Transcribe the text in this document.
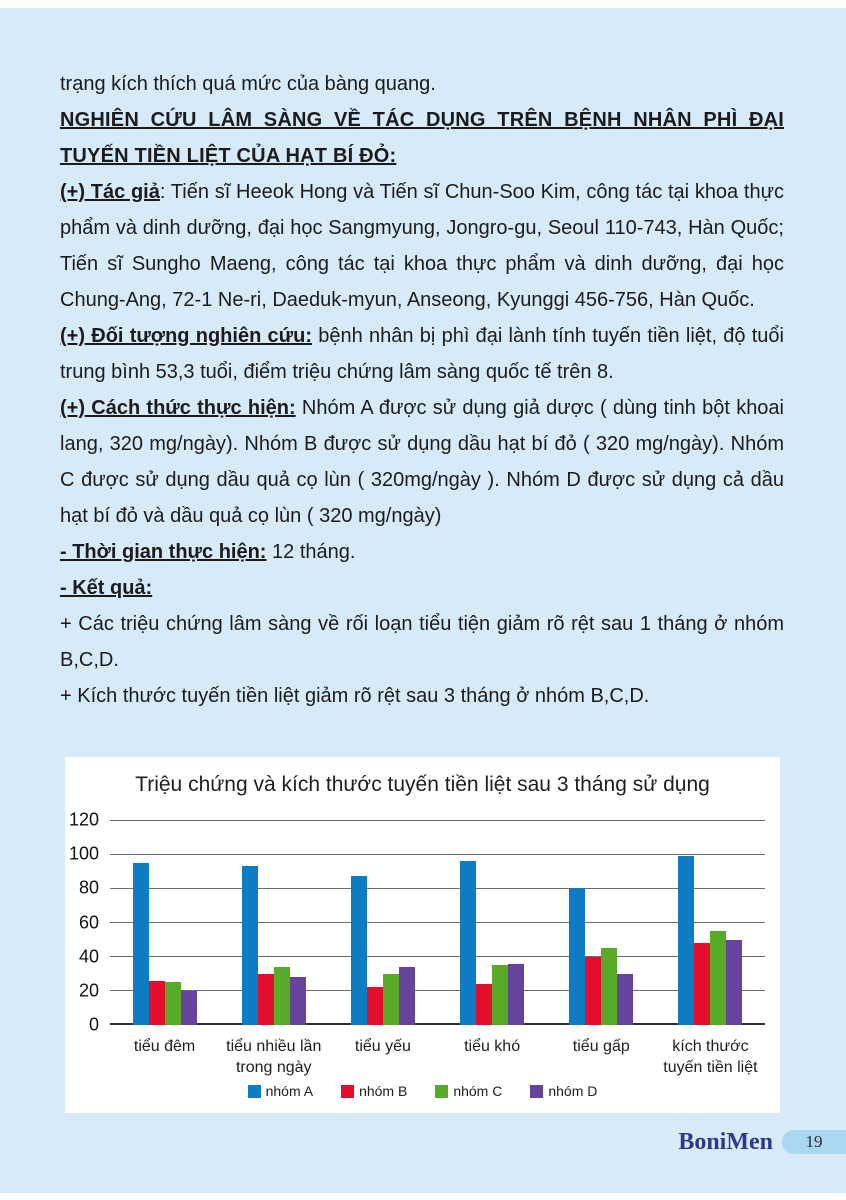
trạng kích thích quá mức của bàng quang.

NGHIÊN CỨU LÂM SÀNG VỀ TÁC DỤNG TRÊN BỆNH NHÂN PHÌ ĐẠI TUYẾN TIỀN LIỆT CỦA HẠT BÍ ĐỎ:

(+) Tác giả: Tiến sĩ Heeok Hong và Tiến sĩ Chun-Soo Kim, công tác tại khoa thực phẩm và dinh dưỡng, đại học Sangmyung, Jongro-gu, Seoul 110-743, Hàn Quốc; Tiến sĩ Sungho Maeng, công tác tại khoa thực phẩm và dinh dưỡng, đại học Chung-Ang, 72-1 Ne-ri, Daeduk-myun, Anseong, Kyunggi 456-756, Hàn Quốc.

(+) Đối tượng nghiên cứu: bệnh nhân bị phì đại lành tính tuyến tiền liệt, độ tuổi trung bình 53,3 tuổi, điểm triệu chứng lâm sàng quốc tế trên 8.

(+) Cách thức thực hiện: Nhóm A được sử dụng giả dược ( dùng tinh bột khoai lang, 320 mg/ngày). Nhóm B được sử dụng dầu hạt bí đỏ ( 320 mg/ngày). Nhóm C được sử dụng dầu quả cọ lùn ( 320mg/ngày ). Nhóm D được sử dụng cả dầu hạt bí đỏ và dầu quả cọ lùn ( 320 mg/ngày)

- Thời gian thực hiện: 12 tháng.

- Kết quả:

+ Các triệu chứng lâm sàng về rối loạn tiểu tiện giảm rõ rệt sau 1 tháng ở nhóm B,C,D.

+ Kích thước tuyến tiền liệt giảm rõ rệt sau 3 tháng ở nhóm B,C,D.

Triệu chứng và kích thước tuyến tiền liệt sau 3 tháng sử dụng
0
20
40
60
80
100
120
tiểu đêm	tiểu nhiều lần
trong ngày
tiểu yếu	tiểu khó	tiểu gấp	kích thước
tuyến tiền liệt
nhóm A	nhóm B	nhóm C	nhóm D
BoniMen 19
